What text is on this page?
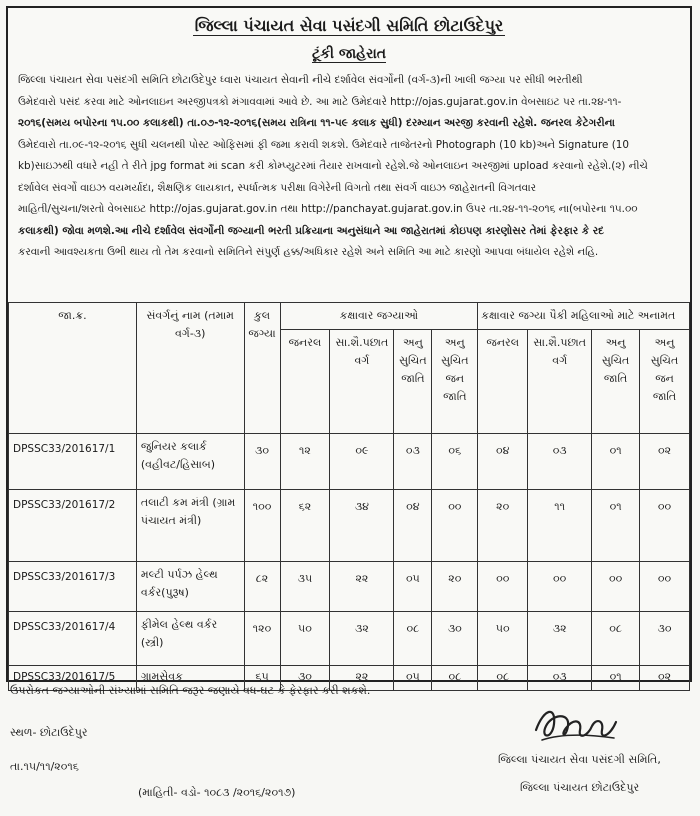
જિલ્લા પંચાયત સેવા પસંદગી સમિતિ છોટાઉદેપુર
ટૂંકી જાહેરાત
જિલ્લા પંચાયત સેવા પસંદગી સમિતિ છોટાઉદેપુર ધ્વારા પંચાયત સેવાની નીચે દર્શાવેલ સંવર્ગોની (વર્ગ-૩)ની ખાલી જગ્યા પર સીધી ભરતીથી
ઉમેદવારો પસંદ કરવા માટે ઓનલાઇન અરજીપત્રકો મંગાવવામાં આવે છે. આ માટે ઉમેદવારે http://ojas.gujarat.gov.in વેબસાઇટ પર તા.૨૪-૧૧-
૨૦૧૬(સમય બપોરના ૧૫.૦૦ કલાકથી) તા.૦૭-૧૨-૨૦૧૬(સમય રાત્રિના ૧૧-૫૯ કલાક સુધી) દરમ્યાન અરજી કરવાની રહેશે. જનરલ કેટેગરીના
ઉમેદવારો તા.૦૯-૧૨-૨૦૧૬ સુધી ચલનથી પોસ્ટ ઓફિસમાં ફી જમા કરાવી શકશે. ઉમેદવારે તાજેતરનો Photograph (10 kb)અને Signature (10
kb)સાઇઝથી વધારે નહી તે રીતે jpg format માં scan કરી કોમ્પ્યુટરમાં તૈયાર રાખવાનો રહેશે.જે ઓનલાઇન અરજીમાં upload કરવાનો રહેશે.(૨) નીચે
દર્શાવેલ સંવર્ગો વાઇઝ વયમર્યાદા, શૈક્ષણિક લાયકાત, સ્પર્ધાત્મક પરીક્ષા વિગેરેની વિગતો તથા સંવર્ગ વાઇઝ જાહેરાતની વિગતવાર
માહિતી/સુચના/શરતો વેબસાઇટ http://ojas.gujarat.gov.in તથા http://panchayat.gujarat.gov.in ઉપર તા.૨૪-૧૧-૨૦૧૬ ના(બપોરના ૧૫.૦૦
કલાકથી) જોવા મળશે.આ નીચે દર્શાવેલ સંવર્ગોની જગ્યાની ભરતી પ્રક્રિયાના અનુસંધાને આ જાહેરાતમાં કોઇપણ કારણોસર તેમાં ફેરફાર કે રદ
કરવાની આવશ્યકતા ઉભી થાય તો તેમ કરવાનો સમિતિને સંપુર્ણ હક્ક/અધિકાર રહેશે અને સમિતિ આ માટે કારણો આપવા બંધાયેલ રહેશે નહિ.
જા.ક્ર.	સંવર્ગનું નામ (તમામ વર્ગ-૩)	કુલ જગ્યા	કક્ષાવાર જગ્યાઓ				કક્ષાવાર જગ્યા પૈકી મહિલાઓ માટે અનામત			
			જનરલ	સા.શૈ.પછાત વર્ગ	અનુ સુચિત જાતિ	અનુ સુચિત જન જાતિ	જનરલ	સા.શૈ.પછાત વર્ગ	અનુ સુચિત જાતિ	અનુ સુચિત જન જાતિ
DPSSC33/201617/1	જુનિયર કલાર્ક (વહીવટ/હિસાબ)	૩૦	૧૨	૦૯	૦૩	૦૬	૦૪	૦૩	૦૧	૦૨
DPSSC33/201617/2	તલાટી કમ મંત્રી (ગ્રામ પંચાયત મંત્રી)	૧૦૦	૬૨	૩૪	૦૪	૦૦	૨૦	૧૧	૦૧	૦૦
DPSSC33/201617/3	મલ્ટી પર્પઝ હેલ્થ વર્કર(પુરૂષ)	૮૨	૩૫	૨૨	૦૫	૨૦	૦૦	૦૦	૦૦	૦૦
DPSSC33/201617/4	ફીમેલ હેલ્થ વર્કર (સ્ત્રી)	૧૨૦	૫૦	૩૨	૦૮	૩૦	૫૦	૩૨	૦૮	૩૦
DPSSC33/201617/5	ગ્રામસેવક	૬૫	૩૦	૨૨	૦૫	૦૮	૦૮	૦૩	૦૧	૦૨
ઉપરોકત જગ્યાઓની સંખ્યામાં સમિતિ જરૂર જણાયે વધ-ઘટ કે ફેરફાર કરી શકશે.
સ્થળ- છોટાઉદેપુર
તા.૧૫/૧૧/૨૦૧૬
(માહિતી- વડો- ૧૦૮૩ /૨૦૧૬/૨૦૧૭)
જિલ્લા પંચાયત સેવા પસંદગી સમિતિ,
જિલ્લા પંચાયત છોટાઉદેપુર
